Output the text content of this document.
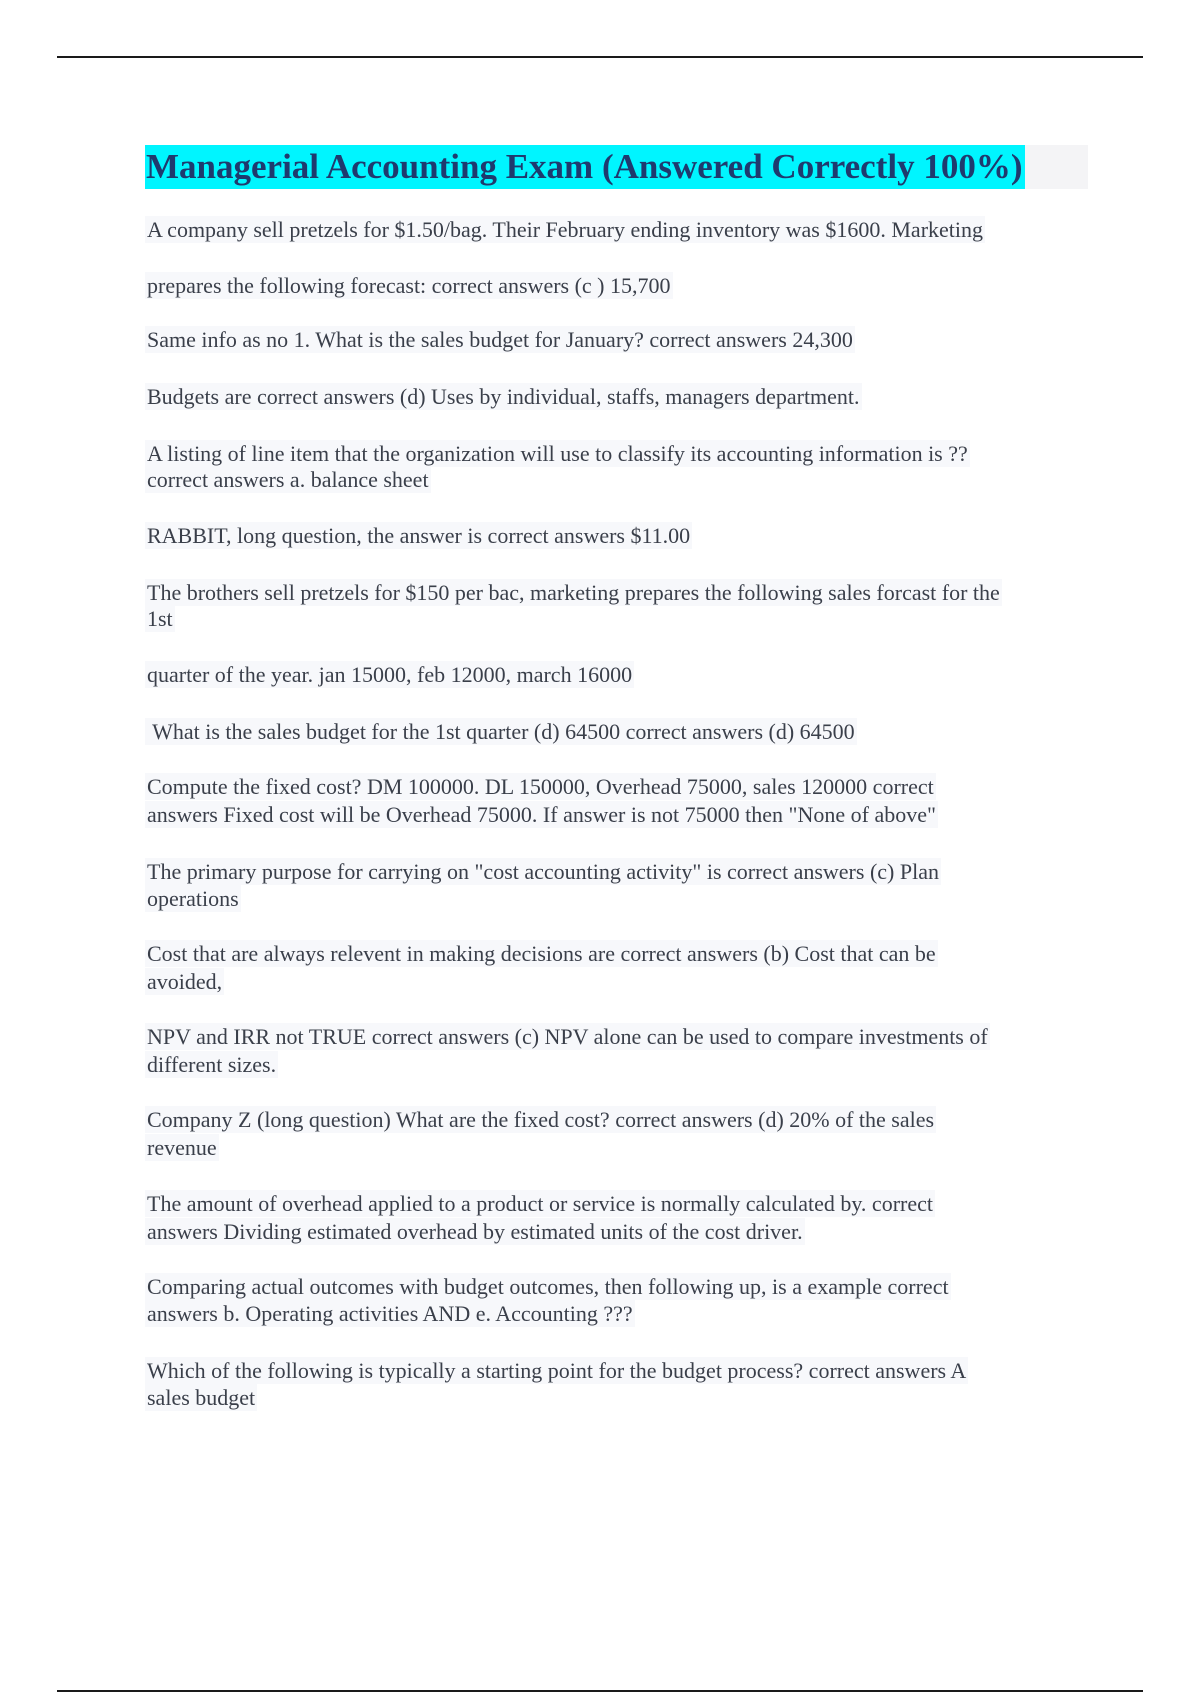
Managerial Accounting Exam (Answered Correctly 100%)
A company sell pretzels for $1.50/bag. Their February ending inventory was $1600. Marketing
prepares the following forecast: correct answers (c ) 15,700
Same info as no 1. What is the sales budget for January? correct answers 24,300
Budgets are correct answers (d) Uses by individual, staffs, managers department.
A listing of line item that the organization will use to classify its accounting information is ??
correct answers a. balance sheet
RABBIT, long question, the answer is correct answers $11.00
The brothers sell pretzels for $150 per bac, marketing prepares the following sales forcast for the
1st
quarter of the year. jan 15000, feb 12000, march 16000
What is the sales budget for the 1st quarter (d) 64500 correct answers (d) 64500
Compute the fixed cost? DM 100000. DL 150000, Overhead 75000, sales 120000 correct
answers Fixed cost will be Overhead 75000. If answer is not 75000 then "None of above"
The primary purpose for carrying on "cost accounting activity" is correct answers (c) Plan
operations
Cost that are always relevent in making decisions are correct answers (b) Cost that can be
avoided,
NPV and IRR not TRUE correct answers (c) NPV alone can be used to compare investments of
different sizes.
Company Z (long question) What are the fixed cost? correct answers (d) 20% of the sales
revenue
The amount of overhead applied to a product or service is normally calculated by. correct
answers Dividing estimated overhead by estimated units of the cost driver.
Comparing actual outcomes with budget outcomes, then following up, is a example correct
answers b. Operating activities AND e. Accounting ???
Which of the following is typically a starting point for the budget process? correct answers A
sales budget
